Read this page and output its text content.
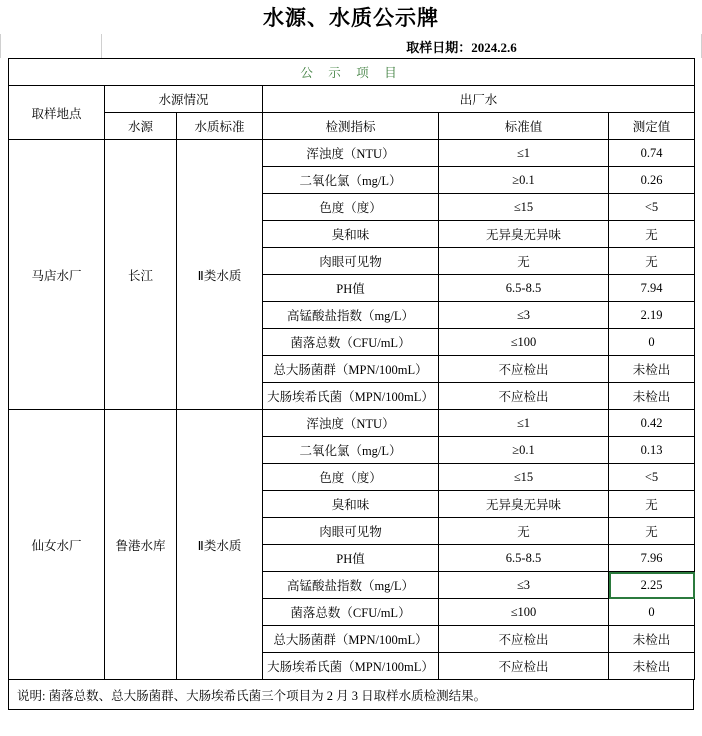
水源、水质公示牌
取样日期：2024.2.6
公 示 项 目					
取样地点	水源情况		出厂水		
	水源	水质标准	检测指标	标准值	测定值
马店水厂	长江	Ⅱ类水质	浑浊度（NTU）	≤1	0.74
			二氧化氯（mg/L）	≥0.1	0.26
			色度（度）	≤15	<5
			臭和味	无异臭无异味	无
			肉眼可见物	无	无
			PH值	6.5-8.5	7.94
			高锰酸盐指数（mg/L）	≤3	2.19
			菌落总数（CFU/mL）	≤100	0
			总大肠菌群（MPN/100mL）	不应检出	未检出
			大肠埃希氏菌（MPN/100mL）	不应检出	未检出
仙女水厂	鲁港水库	Ⅱ类水质	浑浊度（NTU）	≤1	0.42
			二氧化氯（mg/L）	≥0.1	0.13
			色度（度）	≤15	<5
			臭和味	无异臭无异味	无
			肉眼可见物	无	无
			PH值	6.5-8.5	7.96
			高锰酸盐指数（mg/L）	≤3	2.25
			菌落总数（CFU/mL）	≤100	0
			总大肠菌群（MPN/100mL）	不应检出	未检出
			大肠埃希氏菌（MPN/100mL）	不应检出	未检出
说明: 菌落总数、总大肠菌群、大肠埃希氏菌三个项目为 2 月 3 日取样水质检测结果。
